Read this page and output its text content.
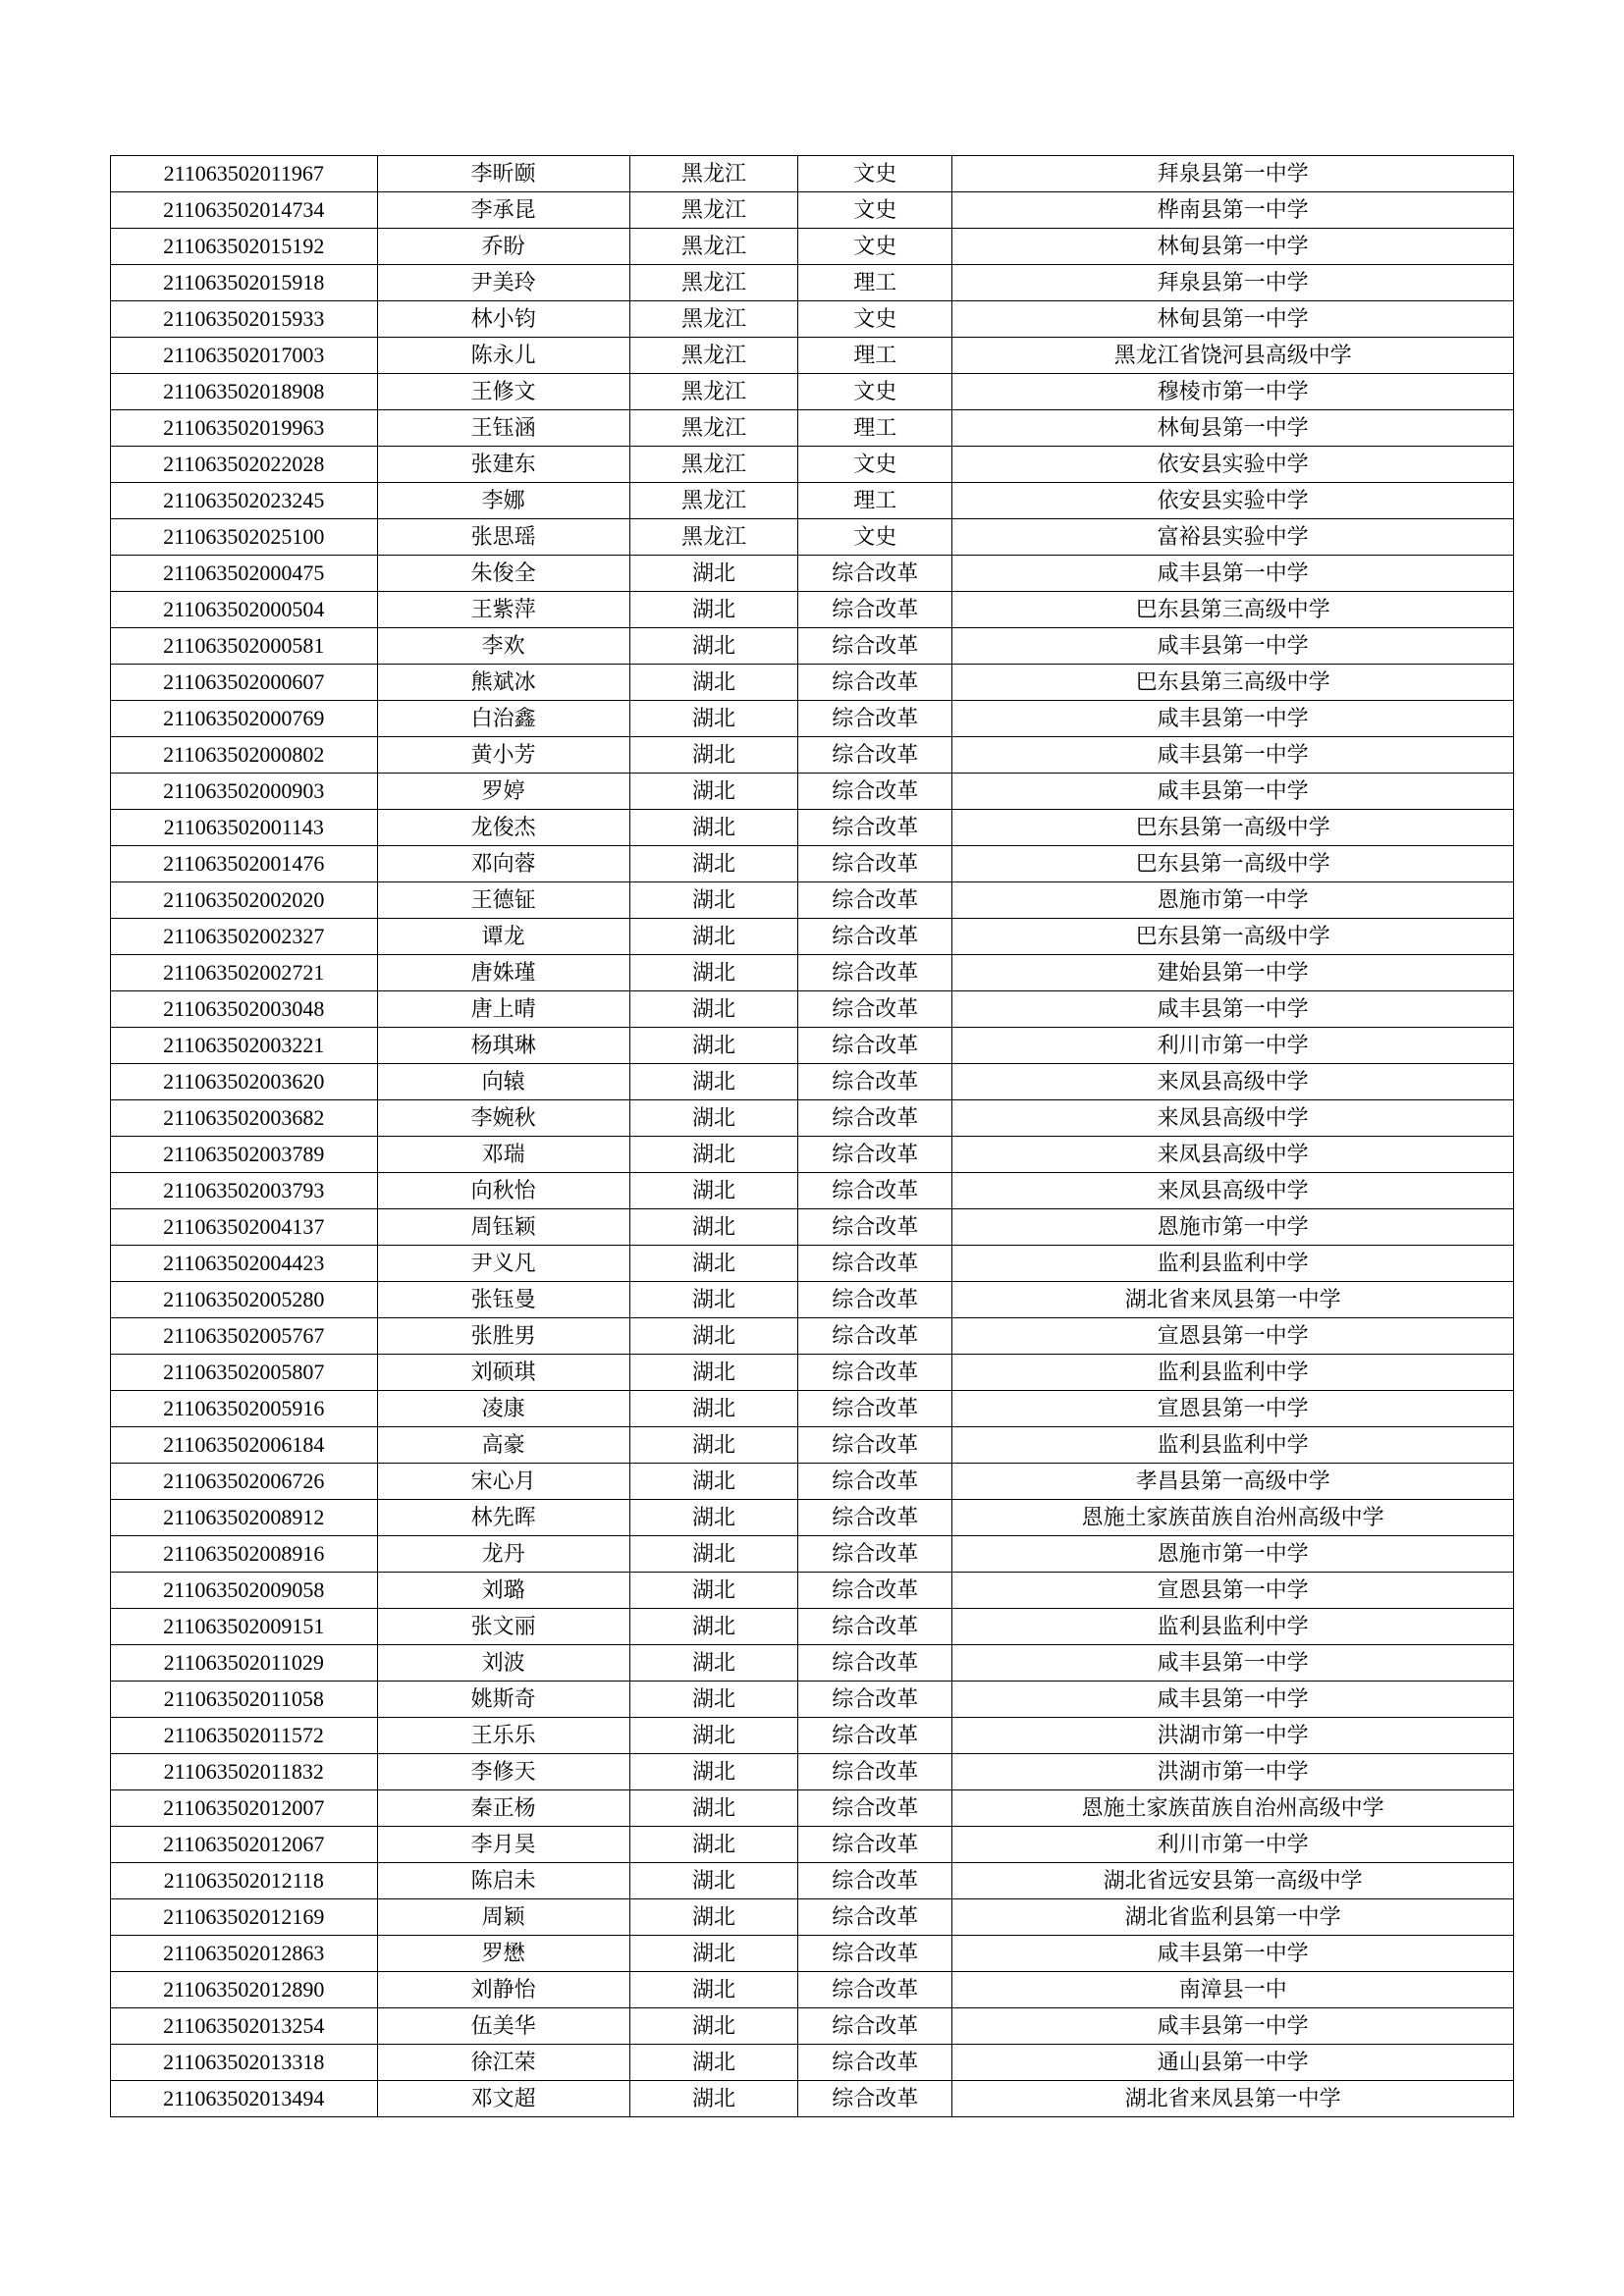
211063502011967	李昕颐	黑龙江	文史	拜泉县第一中学
211063502014734	李承昆	黑龙江	文史	桦南县第一中学
211063502015192	乔盼	黑龙江	文史	林甸县第一中学
211063502015918	尹美玲	黑龙江	理工	拜泉县第一中学
211063502015933	林小钧	黑龙江	文史	林甸县第一中学
211063502017003	陈永儿	黑龙江	理工	黑龙江省饶河县高级中学
211063502018908	王修文	黑龙江	文史	穆棱市第一中学
211063502019963	王钰涵	黑龙江	理工	林甸县第一中学
211063502022028	张建东	黑龙江	文史	依安县实验中学
211063502023245	李娜	黑龙江	理工	依安县实验中学
211063502025100	张思瑶	黑龙江	文史	富裕县实验中学
211063502000475	朱俊全	湖北	综合改革	咸丰县第一中学
211063502000504	王紫萍	湖北	综合改革	巴东县第三高级中学
211063502000581	李欢	湖北	综合改革	咸丰县第一中学
211063502000607	熊斌冰	湖北	综合改革	巴东县第三高级中学
211063502000769	白治鑫	湖北	综合改革	咸丰县第一中学
211063502000802	黄小芳	湖北	综合改革	咸丰县第一中学
211063502000903	罗婷	湖北	综合改革	咸丰县第一中学
211063502001143	龙俊杰	湖北	综合改革	巴东县第一高级中学
211063502001476	邓向蓉	湖北	综合改革	巴东县第一高级中学
211063502002020	王德钲	湖北	综合改革	恩施市第一中学
211063502002327	谭龙	湖北	综合改革	巴东县第一高级中学
211063502002721	唐姝瑾	湖北	综合改革	建始县第一中学
211063502003048	唐上晴	湖北	综合改革	咸丰县第一中学
211063502003221	杨琪琳	湖北	综合改革	利川市第一中学
211063502003620	向辕	湖北	综合改革	来凤县高级中学
211063502003682	李婉秋	湖北	综合改革	来凤县高级中学
211063502003789	邓瑞	湖北	综合改革	来凤县高级中学
211063502003793	向秋怡	湖北	综合改革	来凤县高级中学
211063502004137	周钰颖	湖北	综合改革	恩施市第一中学
211063502004423	尹义凡	湖北	综合改革	监利县监利中学
211063502005280	张钰曼	湖北	综合改革	湖北省来凤县第一中学
211063502005767	张胜男	湖北	综合改革	宣恩县第一中学
211063502005807	刘硕琪	湖北	综合改革	监利县监利中学
211063502005916	凌康	湖北	综合改革	宣恩县第一中学
211063502006184	高豪	湖北	综合改革	监利县监利中学
211063502006726	宋心月	湖北	综合改革	孝昌县第一高级中学
211063502008912	林先晖	湖北	综合改革	恩施土家族苗族自治州高级中学
211063502008916	龙丹	湖北	综合改革	恩施市第一中学
211063502009058	刘璐	湖北	综合改革	宣恩县第一中学
211063502009151	张文丽	湖北	综合改革	监利县监利中学
211063502011029	刘波	湖北	综合改革	咸丰县第一中学
211063502011058	姚斯奇	湖北	综合改革	咸丰县第一中学
211063502011572	王乐乐	湖北	综合改革	洪湖市第一中学
211063502011832	李修天	湖北	综合改革	洪湖市第一中学
211063502012007	秦正杨	湖北	综合改革	恩施土家族苗族自治州高级中学
211063502012067	李月昊	湖北	综合改革	利川市第一中学
211063502012118	陈启未	湖北	综合改革	湖北省远安县第一高级中学
211063502012169	周颖	湖北	综合改革	湖北省监利县第一中学
211063502012863	罗懋	湖北	综合改革	咸丰县第一中学
211063502012890	刘静怡	湖北	综合改革	南漳县一中
211063502013254	伍美华	湖北	综合改革	咸丰县第一中学
211063502013318	徐江荣	湖北	综合改革	通山县第一中学
211063502013494	邓文超	湖北	综合改革	湖北省来凤县第一中学
